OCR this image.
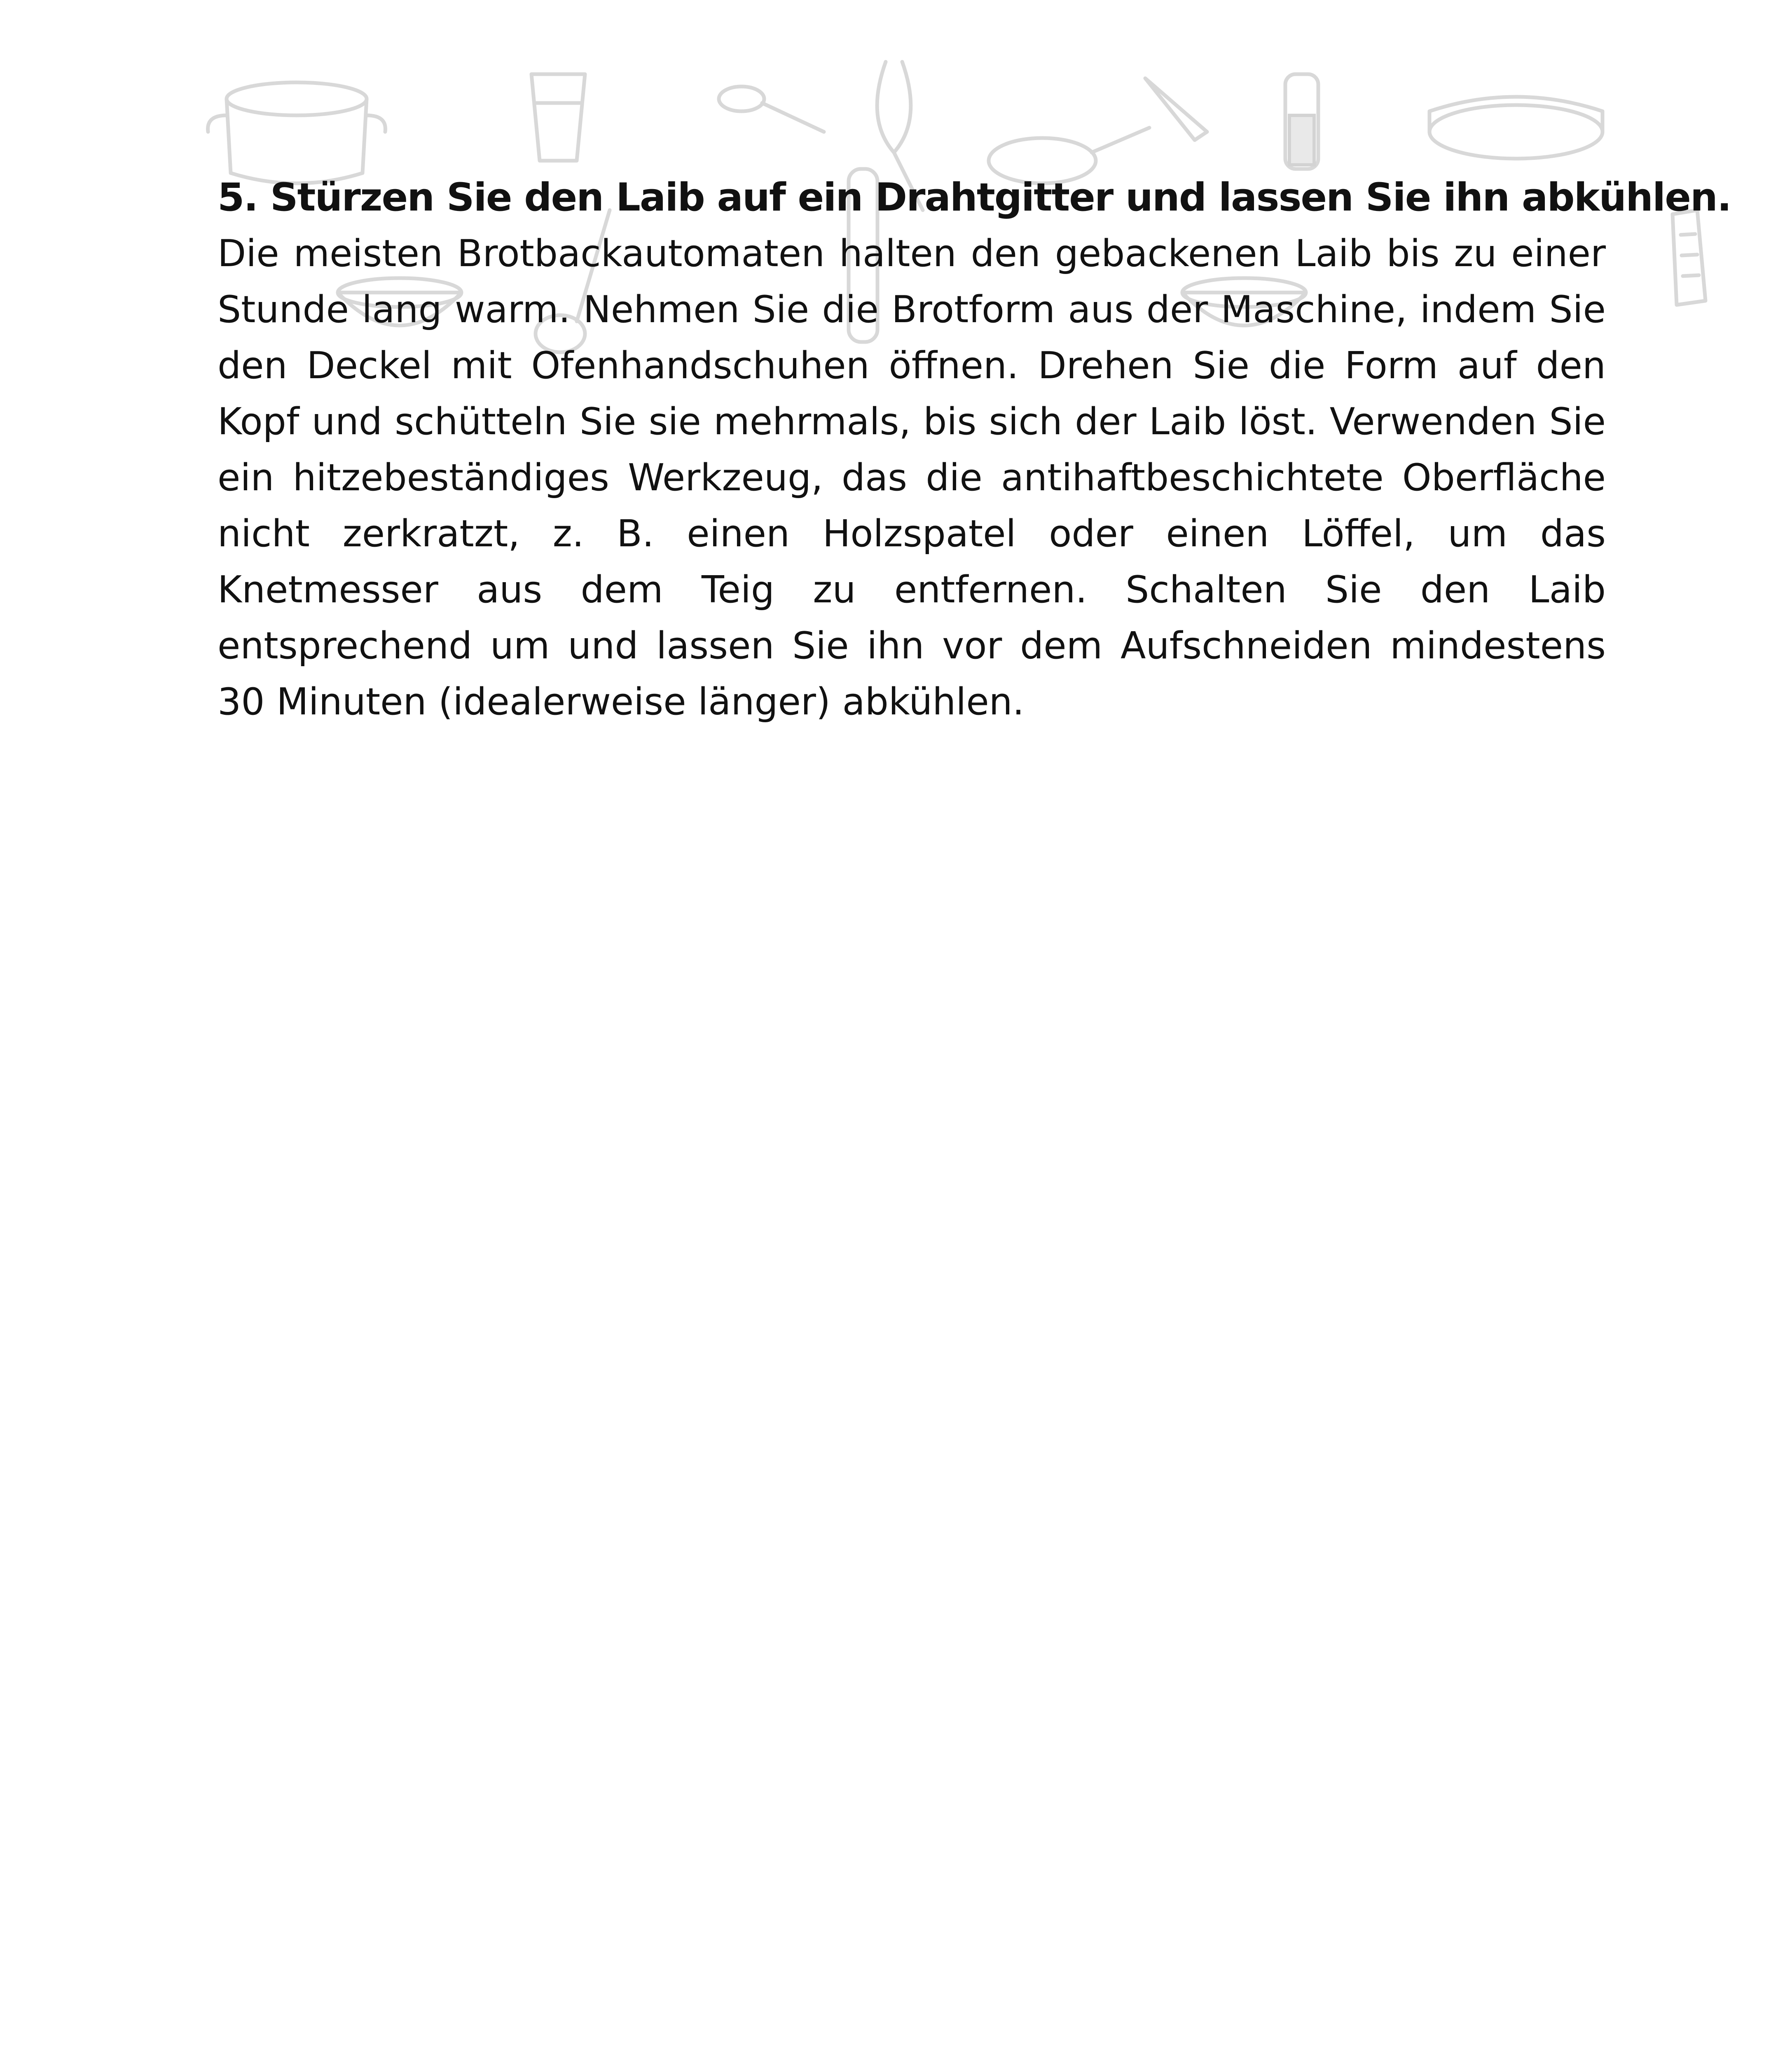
5. Stürzen Sie den Laib auf ein Drahtgitter und lassen Sie ihn abkühlen.

Die meisten Brotbackautomaten halten den gebackenen Laib bis zu einer Stunde lang warm. Nehmen Sie die Brotform aus der Maschine, indem Sie den Deckel mit Ofenhandschuhen öffnen. Drehen Sie die Form auf den Kopf und schütteln Sie sie mehrmals, bis sich der Laib löst. Verwenden Sie ein hitzebeständiges Werkzeug, das die antihaftbeschichtete Oberfläche nicht zerkratzt, z. B. einen Holzspatel oder einen Löffel, um das Knetmesser aus dem Teig zu entfernen. Schalten Sie den Laib entsprechend um und lassen Sie ihn vor dem Aufschneiden mindestens 30 Minuten (idealerweise länger) abkühlen.
